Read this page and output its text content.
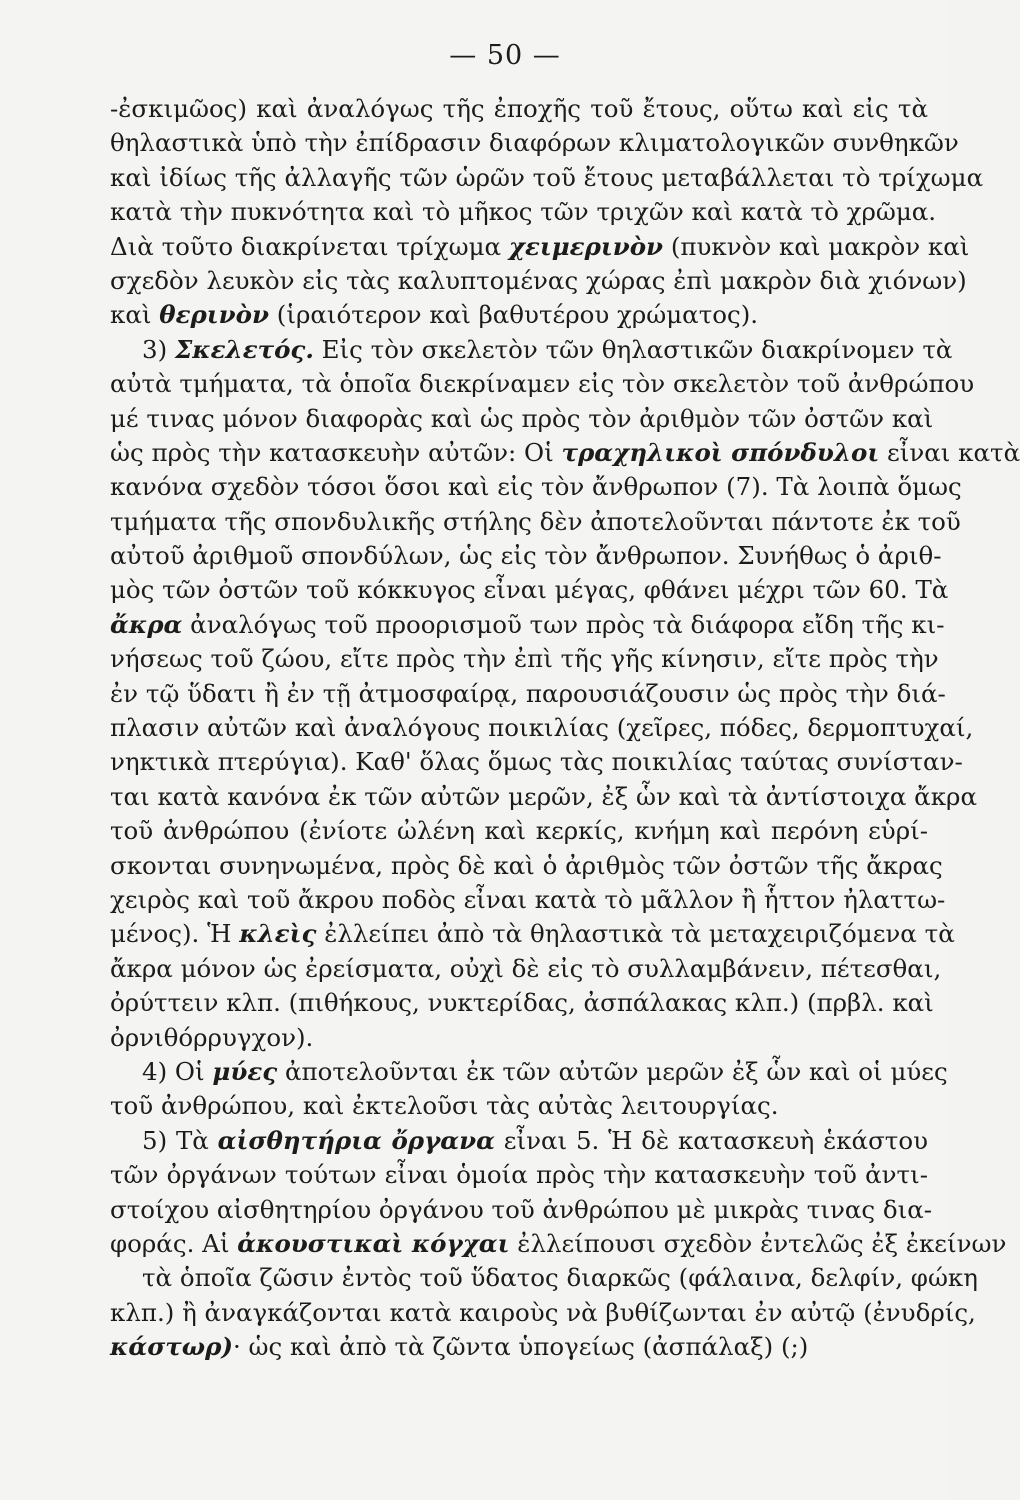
— 50 —
-ἐσκιμῶος) καὶ ἀναλόγως τῆς ἐποχῆς τοῦ ἔτους, οὕτω καὶ εἰς τὰ
θηλαστικὰ ὑπὸ τὴν ἐπίδρασιν διαφόρων κλιματολογικῶν συνθηκῶν
καὶ ἰδίως τῆς ἀλλαγῆς τῶν ὡρῶν τοῦ ἔτους μεταβάλλεται τὸ τρίχωμα
κατὰ τὴν πυκνότητα καὶ τὸ μῆκος τῶν τριχῶν καὶ κατὰ τὸ χρῶμα.
Διὰ τοῦτο διακρίνεται τρίχωμα χειμερινὸν (πυκνὸν καὶ μακρὸν καὶ
σχεδὸν λευκὸν εἰς τὰς καλυπτομένας χώρας ἐπὶ μακρὸν διὰ χιόνων)
καὶ θερινὸν (ἱραιότερον καὶ βαθυτέρου χρώματος).
3) Σκελετός. Εἰς τὸν σκελετὸν τῶν θηλαστικῶν διακρίνομεν τὰ
αὐτὰ τμήματα, τὰ ὁποῖα διεκρίναμεν εἰς τὸν σκελετὸν τοῦ ἀνθρώπου
μέ τινας μόνον διαφορὰς καὶ ὡς πρὸς τὸν ἀριθμὸν τῶν ὀστῶν καὶ
ὡς πρὸς τὴν κατασκευὴν αὐτῶν: Οἱ τραχηλικοὶ σπόνδυλοι εἶναι κατὰ
κανόνα σχεδὸν τόσοι ὅσοι καὶ εἰς τὸν ἄνθρωπον (7). Τὰ λοιπὰ ὅμως
τμήματα τῆς σπονδυλικῆς στήλης δὲν ἀποτελοῦνται πάντοτε ἐκ τοῦ
αὐτοῦ ἀριθμοῦ σπονδύλων, ὡς εἰς τὸν ἄνθρωπον. Συνήθως ὁ ἀριθ-
μὸς τῶν ὀστῶν τοῦ κόκκυγος εἶναι μέγας, φθάνει μέχρι τῶν 60. Τὰ
ἄκρα ἀναλόγως τοῦ προορισμοῦ των πρὸς τὰ διάφορα εἴδη τῆς κι-
νήσεως τοῦ ζώου, εἴτε πρὸς τὴν ἐπὶ τῆς γῆς κίνησιν, εἴτε πρὸς τὴν
ἐν τῷ ὕδατι ἢ ἐν τῇ ἀτμοσφαίρᾳ, παρουσιάζουσιν ὡς πρὸς τὴν διά-
πλασιν αὐτῶν καὶ ἀναλόγους ποικιλίας (χεῖρες, πόδες, δερμοπτυχαί,
νηκτικὰ πτερύγια). Καθ' ὅλας ὅμως τὰς ποικιλίας ταύτας συνίσταν-
ται κατὰ κανόνα ἐκ τῶν αὐτῶν μερῶν, ἐξ ὧν καὶ τὰ ἀντίστοιχα ἄκρα
τοῦ ἀνθρώπου (ἐνίοτε ὠλένη καὶ κερκίς, κνήμη καὶ περόνη εὑρί-
σκονται συνηνωμένα, πρὸς δὲ καὶ ὁ ἀριθμὸς τῶν ὀστῶν τῆς ἄκρας
χειρὸς καὶ τοῦ ἄκρου ποδὸς εἶναι κατὰ τὸ μᾶλλον ἢ ἧττον ἠλαττω-
μένος). Ἡ κλεὶς ἐλλείπει ἀπὸ τὰ θηλαστικὰ τὰ μεταχειριζόμενα τὰ
ἄκρα μόνον ὡς ἐρείσματα, οὐχὶ δὲ εἰς τὸ συλλαμβάνειν, πέτεσθαι,
ὀρύττειν κλπ. (πιθήκους, νυκτερίδας, ἀσπάλακας κλπ.) (πρβλ. καὶ
ὀρνιθόρρυγχον).
4) Οἱ μύες ἀποτελοῦνται ἐκ τῶν αὐτῶν μερῶν ἐξ ὧν καὶ οἱ μύες
τοῦ ἀνθρώπου, καὶ ἐκτελοῦσι τὰς αὐτὰς λειτουργίας.
5) Τὰ αἰσθητήρια ὄργανα εἶναι 5. Ἡ δὲ κατασκευὴ ἑκάστου
τῶν ὀργάνων τούτων εἶναι ὁμοία πρὸς τὴν κατασκευὴν τοῦ ἀντι-
στοίχου αἰσθητηρίου ὀργάνου τοῦ ἀνθρώπου μὲ μικρὰς τινας δια-
φοράς. Αἱ ἀκουστικαὶ κόγχαι ἐλλείπουσι σχεδὸν ἐντελῶς ἐξ ἐκείνων
τὰ ὁποῖα ζῶσιν ἐντὸς τοῦ ὕδατος διαρκῶς (φάλαινα, δελφίν, φώκη
κλπ.) ἢ ἀναγκάζονται κατὰ καιροὺς νὰ βυθίζωνται ἐν αὐτῷ (ἐνυδρίς,
κάστωρ)· ὡς καὶ ἀπὸ τὰ ζῶντα ὑπογείως (ἀσπάλαξ) (;)
